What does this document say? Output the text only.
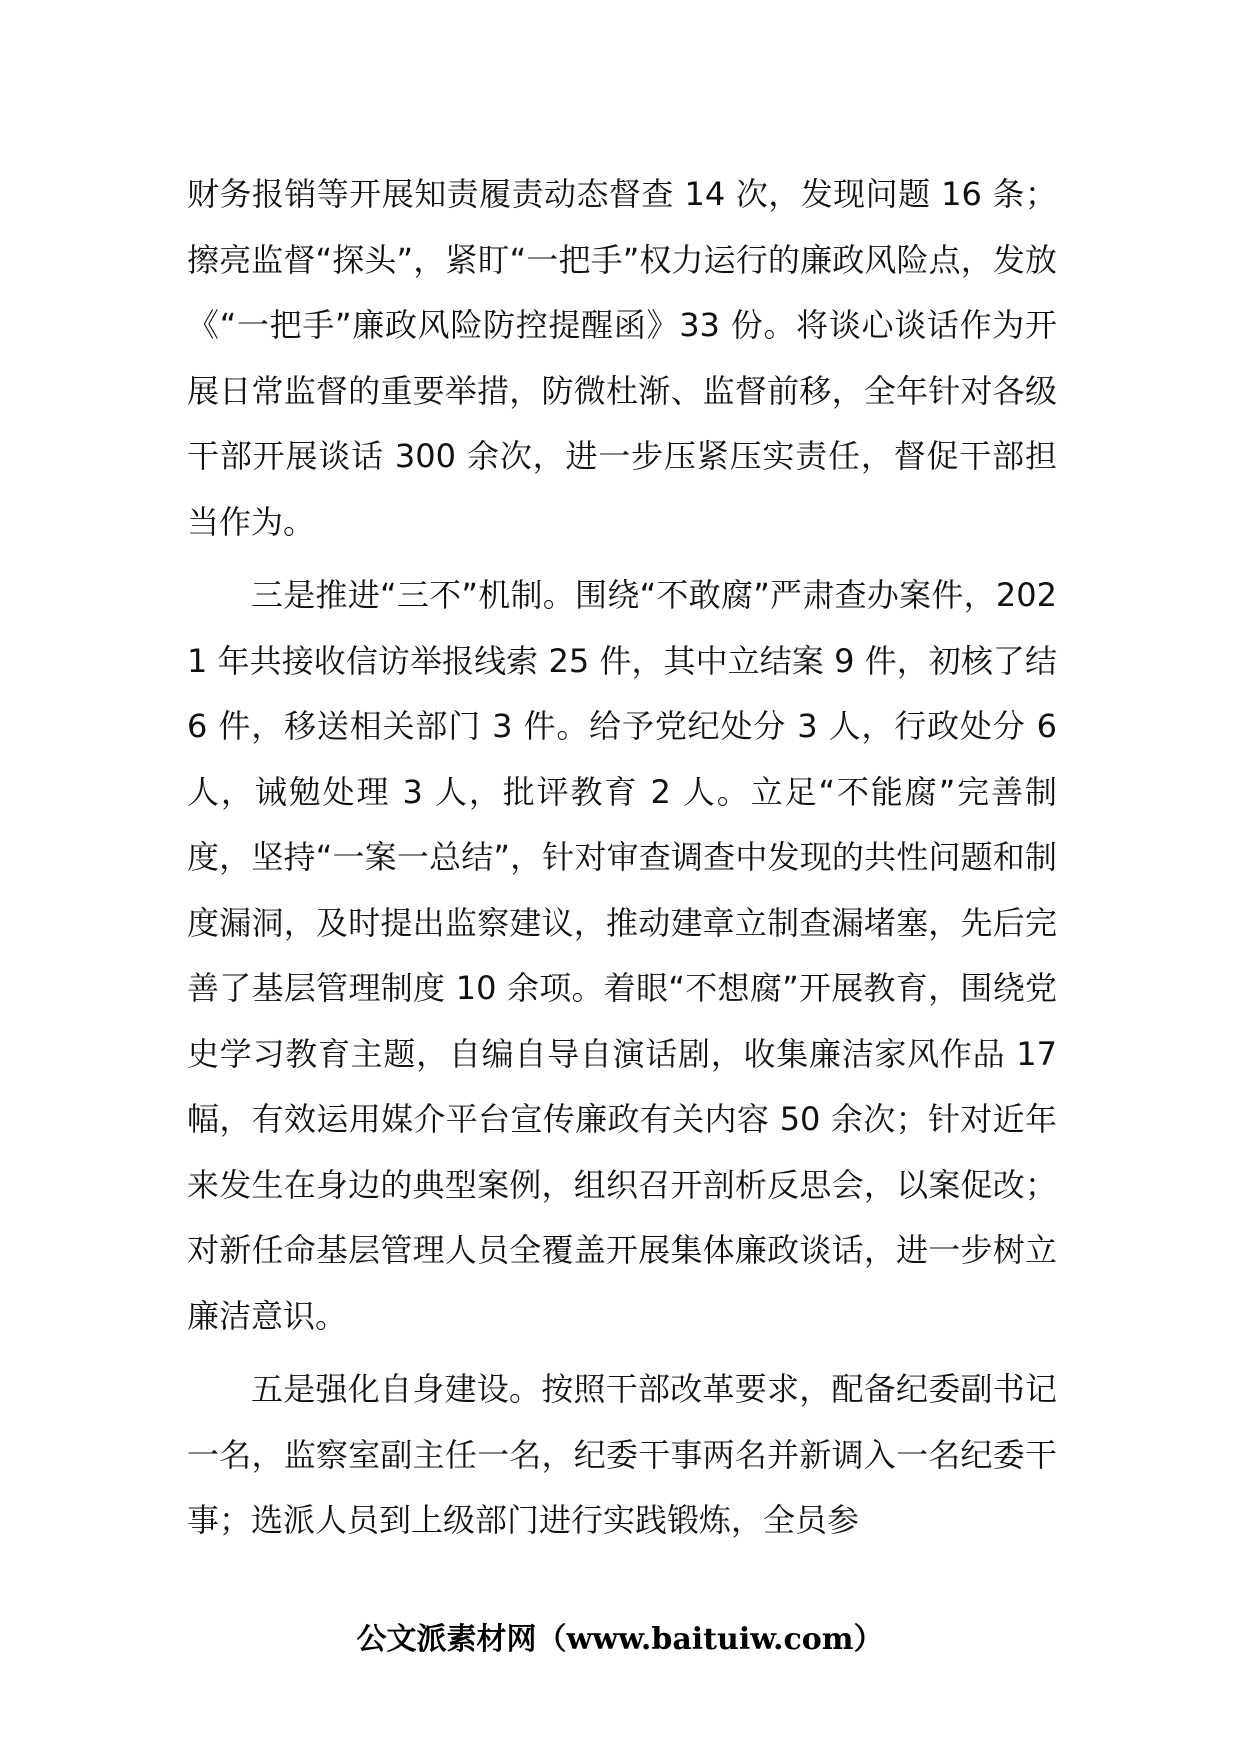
财务报销等开展知责履责动态督查 14 次，发现问题 16 条；擦亮监督“探头”，紧盯“一把手”权力运行的廉政风险点，发放《“一把手”廉政风险防控提醒函》33 份。将谈心谈话作为开展日常监督的重要举措，防微杜渐、监督前移，全年针对各级干部开展谈话 300 余次，进一步压紧压实责任，督促干部担当作为。

三是推进“三不”机制。围绕“不敢腐”严肃查办案件，2021 年共接收信访举报线索 25 件，其中立结案 9 件，初核了结 6 件，移送相关部门 3 件。给予党纪处分 3 人，行政处分 6 人，诫勉处理 3 人，批评教育 2 人。立足“不能腐”完善制度，坚持“一案一总结”，针对审查调查中发现的共性问题和制度漏洞，及时提出监察建议，推动建章立制查漏堵塞，先后完善了基层管理制度 10 余项。着眼“不想腐”开展教育，围绕党史学习教育主题，自编自导自演话剧，收集廉洁家风作品 17 幅，有效运用媒介平台宣传廉政有关内容 50 余次；针对近年来发生在身边的典型案例，组织召开剖析反思会，以案促改；对新任命基层管理人员全覆盖开展集体廉政谈话，进一步树立廉洁意识。

五是强化自身建设。按照干部改革要求，配备纪委副书记一名，监察室副主任一名，纪委干事两名并新调入一名纪委干事；选派人员到上级部门进行实践锻炼，全员参

公文派素材网（www.baituiw.com）
